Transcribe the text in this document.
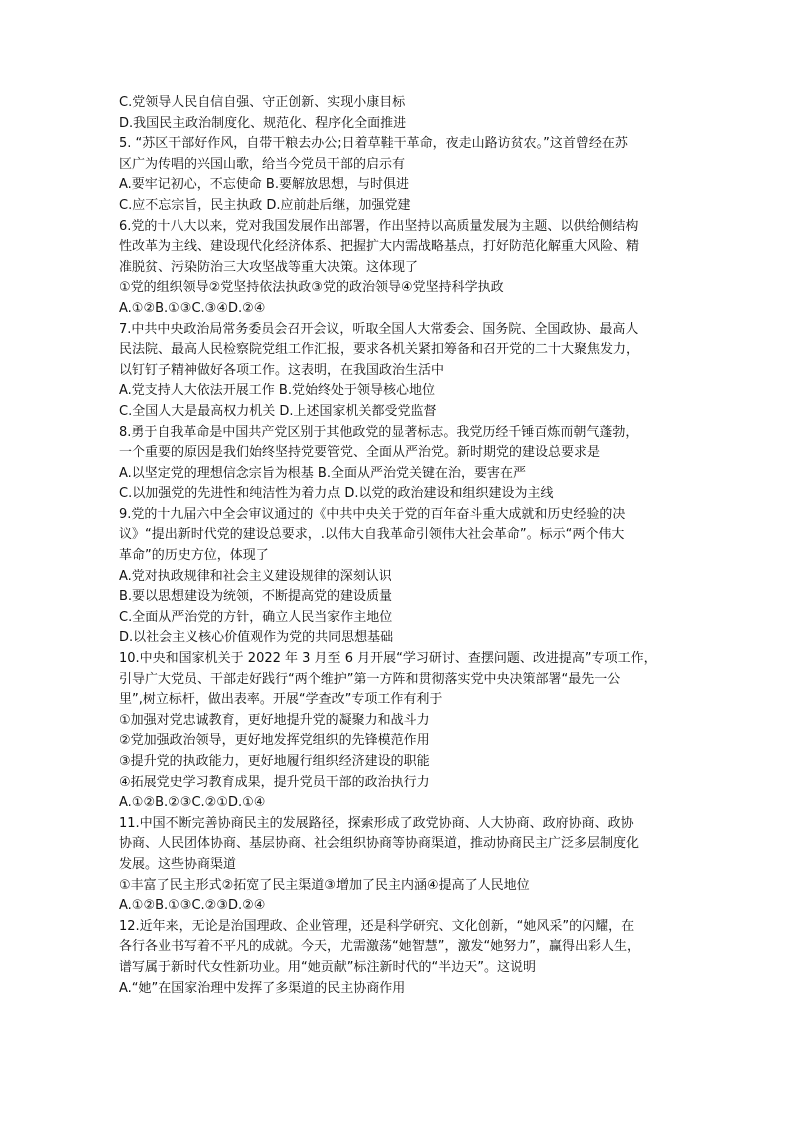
C.党领导人民自信自强、守正创新、实现小康目标
D.我国民主政治制度化、规范化、程序化全面推进
5. “苏区干部好作风，自带干粮去办公;日着草鞋干革命，夜走山路访贫农。”这首曾经在苏
区广为传唱的兴国山歌，给当今党员干部的启示有
A.要牢记初心，不忘使命 B.要解放思想，与时俱进
C.应不忘宗旨，民主执政 D.应前赴后继，加强党建
6.党的十八大以来，党对我国发展作出部署，作出坚持以高质量发展为主题、以供给侧结构
性改革为主线、建设现代化经济体系、把握扩大内需战略基点，打好防范化解重大风险、精
准脱贫、污染防治三大攻坚战等重大决策。这体现了
①党的组织领导②党坚持依法执政③党的政治领导④党坚持科学执政
A.①②B.①③C.③④D.②④
7.中共中央政治局常务委员会召开会议，听取全国人大常委会、国务院、全国政协、最高人
民法院、最高人民检察院党组工作汇报，要求各机关紧扣筹备和召开党的二十大聚焦发力，
以钉钉子精神做好各项工作。这表明，在我国政治生活中
A.党支持人大依法开展工作 B.党始终处于领导核心地位
C.全国人大是最高权力机关 D.上述国家机关都受党监督
8.勇于自我革命是中国共产党区别于其他政党的显著标志。我党历经千锤百炼而朝气蓬勃，
一个重要的原因是我们始终坚持党要管党、全面从严治党。新时期党的建设总要求是
A.以坚定党的理想信念宗旨为根基 B.全面从严治党关键在治，要害在严
C.以加强党的先进性和纯洁性为着力点 D.以党的政治建设和组织建设为主线
9.党的十九届六中全会审议通过的《中共中央关于党的百年奋斗重大成就和历史经验的决
议》“提出新时代党的建设总要求，.以伟大自我革命引领伟大社会革命”。标示“两个伟大
革命”的历史方位，体现了
A.党对执政规律和社会主义建设规律的深刻认识
B.要以思想建设为统领，不断提高党的建设质量
C.全面从严治党的方针，确立人民当家作主地位
D.以社会主义核心价值观作为党的共同思想基础
10.中央和国家机关于 2022 年 3 月至 6 月开展“学习研讨、查摆问题、改进提高”专项工作，
引导广大党员、干部走好践行“两个维护”第一方阵和贯彻落实党中央决策部署“最先一公
里”,树立标杆，做出表率。开展“学查改”专项工作有利于
①加强对党忠诚教育，更好地提升党的凝聚力和战斗力
②党加强政治领导，更好地发挥党组织的先锋模范作用
③提升党的执政能力，更好地履行组织经济建设的职能
④拓展党史学习教育成果，提升党员干部的政治执行力
A.①②B.②③C.②①D.①④
11.中国不断完善协商民主的发展路径，探索形成了政党协商、人大协商、政府协商、政协
协商、人民团体协商、基层协商、社会组织协商等协商渠道，推动协商民主广泛多层制度化
发展。这些协商渠道
①丰富了民主形式②拓宽了民主渠道③增加了民主内涵④提高了人民地位
A.①②B.①③C.②③D.②④
12.近年来，无论是治国理政、企业管理，还是科学研究、文化创新，“她风采”的闪耀，在
各行各业书写着不平凡的成就。今天，尤需激荡“她智慧”，激发“她努力”，赢得出彩人生，
谱写属于新时代女性新功业。用“她贡献”标注新时代的“半边天”。这说明
A.“她”在国家治理中发挥了多渠道的民主协商作用
